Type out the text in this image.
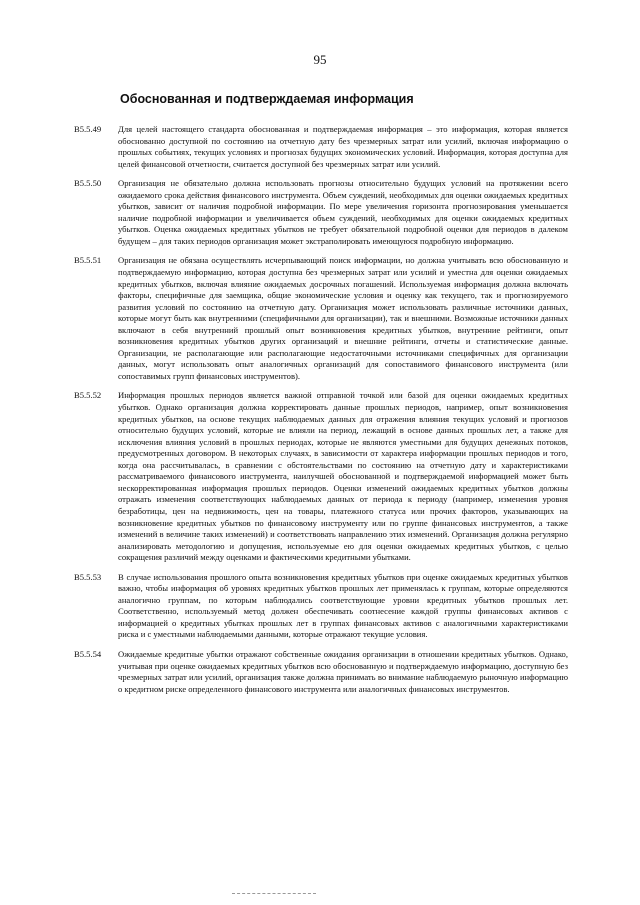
95
Обоснованная и подтверждаемая информация
B5.5.49	Для целей настоящего стандарта обоснованная и подтверждаемая информация – это информация, которая является обоснованно доступной по состоянию на отчетную дату без чрезмерных затрат или усилий, включая информацию о прошлых событиях, текущих условиях и прогнозах будущих экономических условий. Информация, которая доступна для целей финансовой отчетности, считается доступной без чрезмерных затрат или усилий.
B5.5.50	Организация не обязательно должна использовать прогнозы относительно будущих условий на протяжении всего ожидаемого срока действия финансового инструмента. Объем суждений, необходимых для оценки ожидаемых кредитных убытков, зависит от наличия подробной информации. По мере увеличения горизонта прогнозирования уменьшается наличие подробной информации и увеличивается объем суждений, необходимых для оценки ожидаемых кредитных убытков. Оценка ожидаемых кредитных убытков не требует обязательной подробной оценки для периодов в далеком будущем – для таких периодов организация может экстраполировать имеющуюся подробную информацию.
B5.5.51	Организация не обязана осуществлять исчерпывающий поиск информации, но должна учитывать всю обоснованную и подтверждаемую информацию, которая доступна без чрезмерных затрат или усилий и уместна для оценки ожидаемых кредитных убытков, включая влияние ожидаемых досрочных погашений. Используемая информация должна включать факторы, специфичные для заемщика, общие экономические условия и оценку как текущего, так и прогнозируемого развития условий по состоянию на отчетную дату. Организация может использовать различные источники данных, которые могут быть как внутренними (специфичными для организации), так и внешними. Возможные источники данных включают в себя внутренний прошлый опыт возникновения кредитных убытков, внутренние рейтинги, опыт возникновения кредитных убытков других организаций и внешние рейтинги, отчеты и статистические данные. Организации, не располагающие или располагающие недостаточными источниками специфичных для организации данных, могут использовать опыт аналогичных организаций для сопоставимого финансового инструмента (или сопоставимых групп финансовых инструментов).
B5.5.52	Информация прошлых периодов является важной отправной точкой или базой для оценки ожидаемых кредитных убытков. Однако организация должна корректировать данные прошлых периодов, например, опыт возникновения кредитных убытков, на основе текущих наблюдаемых данных для отражения влияния текущих условий и прогнозов относительно будущих условий, которые не влияли на период, лежащий в основе данных прошлых лет, а также для исключения влияния условий в прошлых периодах, которые не являются уместными для будущих денежных потоков, предусмотренных договором. В некоторых случаях, в зависимости от характера информации прошлых периодов и того, когда она рассчитывалась, в сравнении с обстоятельствами по состоянию на отчетную дату и характеристиками рассматриваемого финансового инструмента, наилучшей обоснованной и подтверждаемой информацией может быть нескорректированная информация прошлых периодов. Оценки изменений ожидаемых кредитных убытков должны отражать изменения соответствующих наблюдаемых данных от периода к периоду (например, изменения уровня безработицы, цен на недвижимость, цен на товары, платежного статуса или прочих факторов, указывающих на возникновение кредитных убытков по финансовому инструменту или по группе финансовых инструментов, а также изменений в величине таких изменений) и соответствовать направлению этих изменений. Организация должна регулярно анализировать методологию и допущения, используемые ею для оценки ожидаемых кредитных убытков, с целью сокращения различий между оценками и фактическими кредитными убытками.
B5.5.53	В случае использования прошлого опыта возникновения кредитных убытков при оценке ожидаемых кредитных убытков важно, чтобы информация об уровнях кредитных убытков прошлых лет применялась к группам, которые определяются аналогично группам, по которым наблюдались соответствующие уровни кредитных убытков прошлых лет. Соответственно, используемый метод должен обеспечивать соотнесение каждой группы финансовых активов с информацией о кредитных убытках прошлых лет в группах финансовых активов с аналогичными характеристиками риска и с уместными наблюдаемыми данными, которые отражают текущие условия.
B5.5.54	Ожидаемые кредитные убытки отражают собственные ожидания организации в отношении кредитных убытков. Однако, учитывая при оценке ожидаемых кредитных убытков всю обоснованную и подтверждаемую информацию, доступную без чрезмерных затрат или усилий, организация также должна принимать во внимание наблюдаемую рыночную информацию о кредитном риске определенного финансового инструмента или аналогичных финансовых инструментов.
